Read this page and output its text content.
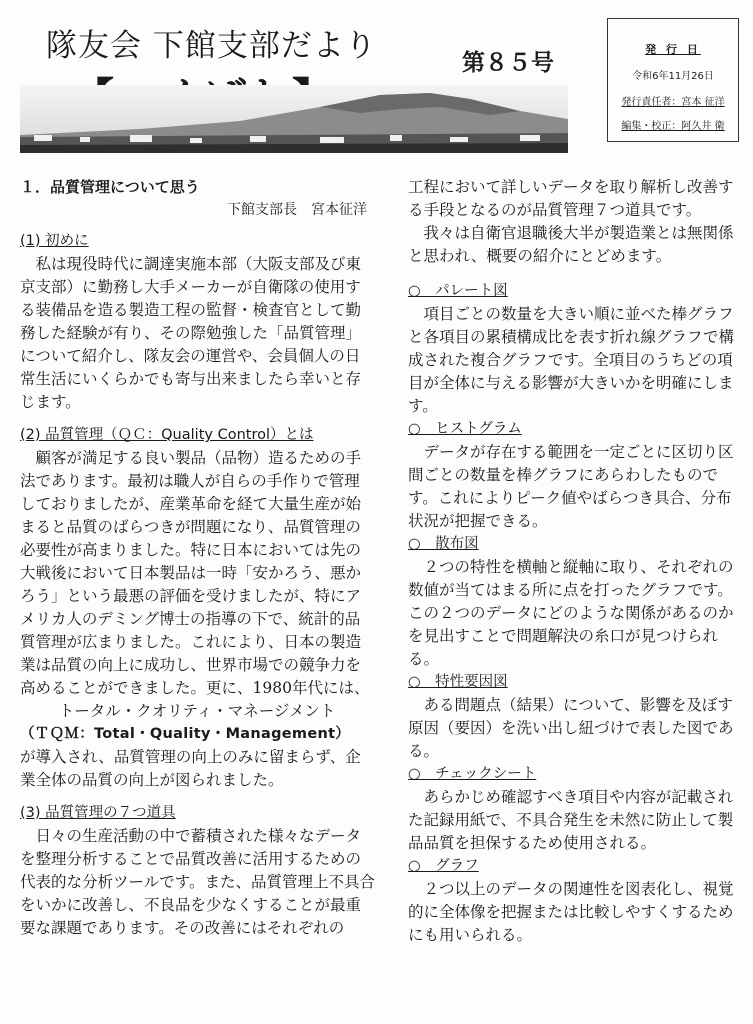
隊友会 下館支部だより	第８５号
発 行 日
令和6年11月26日
発行責任者：宮本 征洋
編集・校正：阿久井 衛
１．品質管理について思う
下館支部長　宮本征洋
(1) 初めに

私は現役時代に調達実施本部（大阪支部及び東京支部）に勤務し大手メーカーが自衛隊の使用する装備品を造る製造工程の監督・検査官として勤務した経験が有り、その際勉強した「品質管理」について紹介し、隊友会の運営や、会員個人の日常生活にいくらかでも寄与出来ましたら幸いと存じます。

(2) 品質管理（ＱＣ：Quality Control）とは

顧客が満足する良い製品（品物）造るための手法であります。最初は職人が自らの手作りで管理しておりましたが、産業革命を経て大量生産が始まると品質のばらつきが問題になり、品質管理の必要性が高まりました。特に日本においては先の大戦後において日本製品は一時「安かろう、悪かろう」という最悪の評価を受けましたが、特にアメリカ人のデミング博士の指導の下で、統計的品質管理が広まりました。これにより、日本の製造業は品質の向上に成功し、世界市場での競争力を高めることができました。更に、1980年代には、

トータル・クオリティ・マネージメント
（ＴＱＭ：Total・Quality・Management）

が導入され、品質管理の向上のみに留まらず、企業全体の品質の向上が図られました。

(3) 品質管理の７つ道具

日々の生産活動の中で蓄積された様々なデータを整理分析することで品質改善に活用するための代表的な分析ツールです。また、品質管理上不具合をいかに改善し、不良品を少なくすることが最重要な課題であります。その改善にはそれぞれの

工程において詳しいデータを取り解析し改善する手段となるのが品質管理７つ道具です。

我々は自衛官退職後大半が製造業とは無関係と思われ、概要の紹介にとどめます。

○　パレート図

項目ごとの数量を大きい順に並べた棒グラフと各項目の累積構成比を表す折れ線グラフで構成された複合グラフです。全項目のうちどの項目が全体に与える影響が大きいかを明確にします。

○　ヒストグラム

データが存在する範囲を一定ごとに区切り区間ごとの数量を棒グラフにあらわしたものです。これによりピーク値やばらつき具合、分布状況が把握できる。

○　散布図

２つの特性を横軸と縦軸に取り、それぞれの数値が当てはまる所に点を打ったグラフです。この２つのデータにどのような関係があるのかを見出すことで問題解決の糸口が見つけられる。

○　特性要因図

ある問題点（結果）について、影響を及ぼす原因（要因）を洗い出し紐づけで表した図である。

○　チェックシート

あらかじめ確認すべき項目や内容が記載された記録用紙で、不具合発生を未然に防止して製品品質を担保するため使用される。

○　グラフ

２つ以上のデータの関連性を図表化し、視覚的に全体像を把握または比較しやすくするためにも用いられる。
